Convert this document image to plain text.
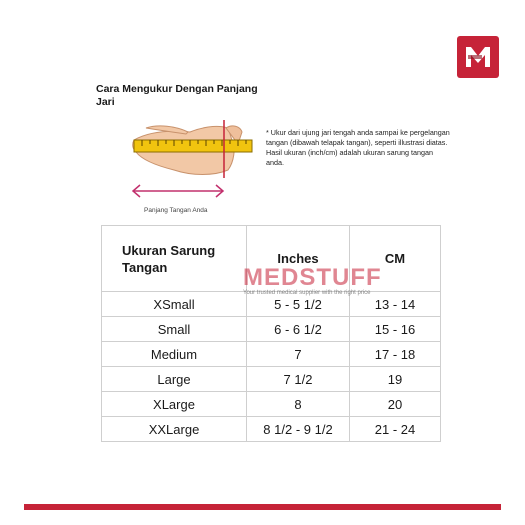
Cara Mengukur Dengan Panjang Jari
Panjang Tangan Anda
* Ukur dari ujung jari tengah anda sampai ke pergelangan tangan (dibawah telapak tangan), seperti illustrasi diatas. Hasil ukuran (inch/cm) adalah ukuran sarung tangan anda.
Ukuran Sarung Tangan	Inches	CM
XSmall	5 - 5 1/2	13 - 14
Small	6 - 6 1/2	15 - 16
Medium	7	17 - 18
Large	7 1/2	19
XLarge	8	20
XXLarge	8 1/2 - 9 1/2	21 - 24
MEDSTUFF
Your trusted medical supplier with the right price
